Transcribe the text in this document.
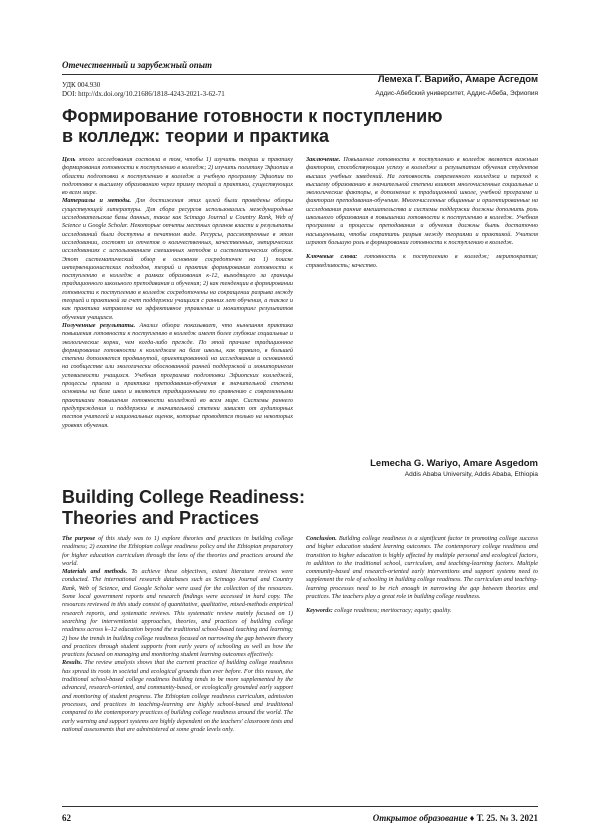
Отечественный и зарубежный опыт
УДК 004.930
DOI: http://dx.doi.org/10.21686/1818-4243-2021-3-62-71
Лемеха Г. Варийо, Амаре Асгедом
Аддис-Абебский университет, Аддис-Абеба, Эфиопия
Формирование готовности к поступлению
в колледж: теории и практика

Цель этого исследования состояла в том, чтобы 1) изучить теории и практику формирования готовности к поступлению в колледж; 2) изучить политику Эфиопии в области подготовки к поступлению в колледж и учебную программу Эфиопии по подготовке к высшему образованию через призму теорий и практики, существующих во всем мире.

Материалы и методы. Для достижения этих целей были проведены обзоры существующей литературы. Для сбора ресурсов использовались международные исследовательские базы данных, такие как Scimago Journal и Country Rank, Web of Science и Google Scholar. Некоторые отчеты местных органов власти и результаты исследований были доступны в печатном виде. Ресурсы, рассмотренные в этом исследовании, состоят из отчетов о количественных, качественных, эмпирических исследованиях с использованием смешанных методов и систематических обзоров. Этот систематический обзор в основном сосредоточен на 1) поиске интервенционистских подходов, теорий и практик формирования готовности к поступлению в колледж в рамках образования к-12, выходящего за границы традиционного школьного преподавания и обучения; 2) как тенденции в формировании готовности к поступлению в колледж сосредоточены на сокращении разрыва между теорией и практикой за счет поддержки учащихся с ранних лет обучения, а также и как практика направлена на эффективное управление и мониторинг результатов обучения учащихся.

Полученные результаты. Анализ обзора показывает, что нынешняя практика повышения готовности к поступлению в колледж имеет более глубокие социальные и экологические корни, чем когда-либо прежде. По этой причине традиционное формирование готовности к колледжам на базе школы, как правило, в большей степени дополняется продвинутой, ориентированной на исследования и основанной на сообществе или экологически обоснованной ранней поддержкой и мониторингом успеваемости учащихся. Учебная программа подготовки Эфиопских колледжей, процессы приема и практика преподавания-обучения в значительной степени основаны на базе школ и являются традиционными по сравнению с современными практиками повышения готовности колледжей во всем мире. Системы раннего предупреждения и поддержки в значительной степени зависят от аудиторных тестов учителей и национальных оценок, которые проводятся только на некоторых уровнях обучения.

Заключение. Повышение готовности к поступлению в колледж является важным фактором, способствующим успеху в колледже и результатам обучения студентов высших учебных заведений. На готовность современного колледжа и переход к высшему образованию в значительной степени влияют многочисленные социальные и экологические факторы, в дополнение к традиционной школе, учебной программе и факторам преподавания-обучения. Многочисленные общинные и ориентированные на исследования ранние вмешательства и системы поддержки должны дополнить роль школьного образования в повышении готовности к поступлению в колледж. Учебная программа и процессы преподавания и обучения должны быть достаточно насыщенными, чтобы сократить разрыв между теориями и практикой. Учителя играют большую роль в формировании готовности к поступлению в колледж.

Ключевые слова: готовность к поступлению в колледж; меритократия; справедливость; качество.

Lemecha G. Wariyo, Amare Asgedom
Addis Ababa University, Addis Ababa, Ethiopia
Building College Readiness:
Theories and Practices

The purpose of this study was to 1) explore theories and practices in building college readiness; 2) examine the Ethiopian college readiness policy and the Ethiopian preparatory for higher education curriculum through the lens of the theories and practices around the world.

Materials and methods. To achieve these objectives, extant literature reviews were conducted. The international research databases such as Scimago Journal and Country Rank, Web of Science, and Google Scholar were used for the collection of the resources. Some local government reports and research findings were accessed in hard copy. The resources reviewed in this study consist of quantitative, qualitative, mixed-methods empirical research reports, and systematic reviews. This systematic review mainly focused on 1) searching for interventionist approaches, theories, and practices of building college readiness across k–12 education beyond the traditional school-based teaching and learning; 2) how the trends in building college readiness focused on narrowing the gap between theory and practices through student supports from early years of schooling as well as how the practices focused on managing and monitoring student learning outcomes effectively.

Results. The review analysis shows that the current practice of building college readiness has spread its roots in societal and ecological grounds than ever before. For this reason, the traditional school-based college readiness building tends to be more supplemented by the advanced, research-oriented, and community-based, or ecologically grounded early support and monitoring of student progress. The Ethiopian college readiness curriculum, admission processes, and practices in teaching-learning are highly school-based and traditional compared to the contemporary practices of building college readiness around the world. The early warning and support systems are highly dependent on the teachers' classroom tests and national assessments that are administered at some grade levels only.

Conclusion. Building college readiness is a significant factor in promoting college success and higher education student learning outcomes. The contemporary college readiness and transition to higher education is highly affected by multiple personal and ecological factors, in addition to the traditional school, curriculum, and teaching-learning factors. Multiple community-based and research-oriented early interventions and support systems need to supplement the role of schooling in building college readiness. The curriculum and teaching-learning processes need to be rich enough in narrowing the gap between theories and practices. The teachers play a great role in building college readiness.

Keywords: college readiness; meritocracy; equity; quality.

62	Открытое образование ♦ Т. 25. № 3. 2021
